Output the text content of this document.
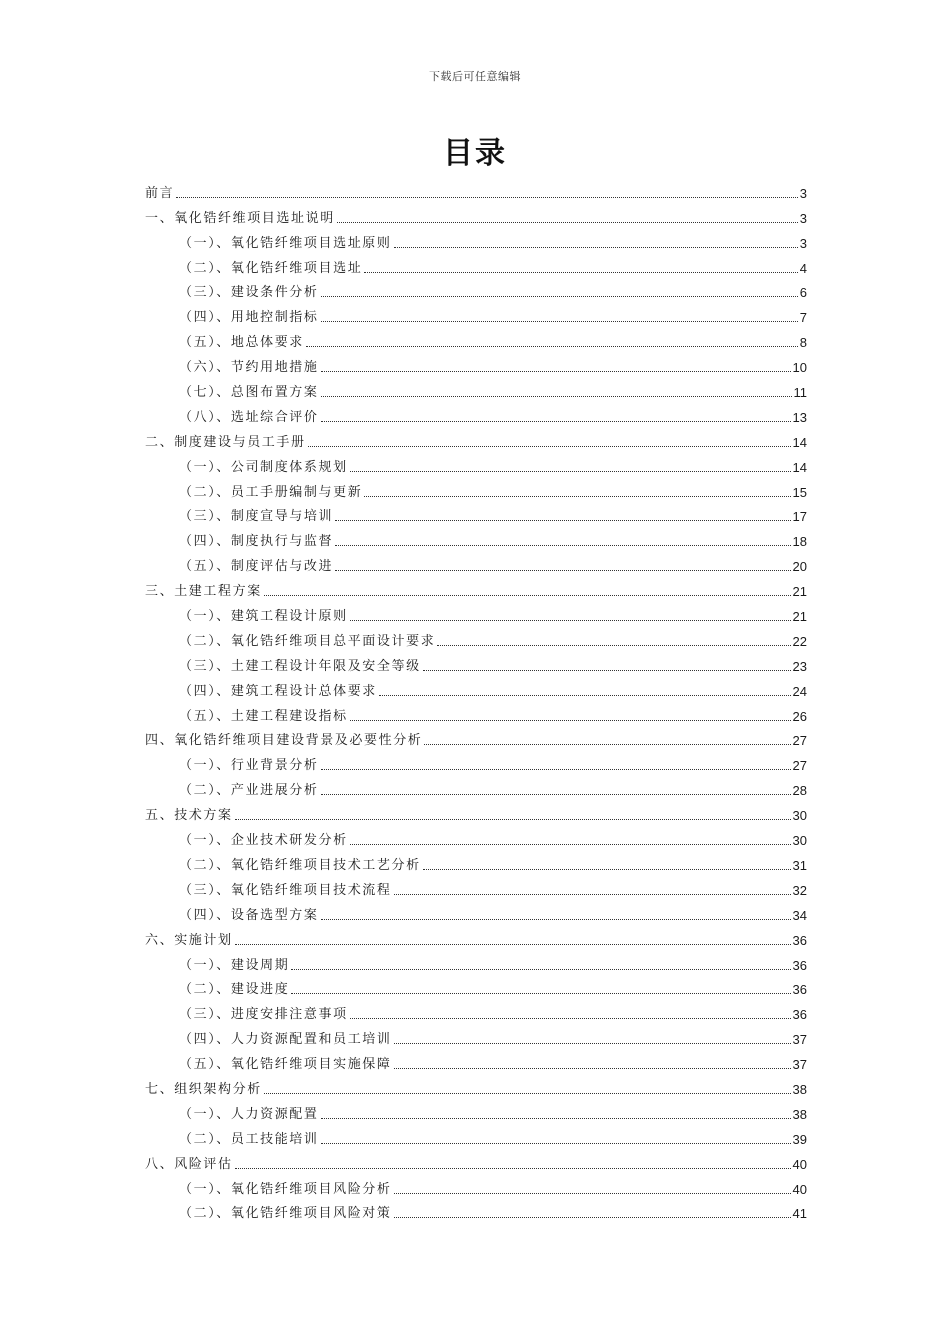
下载后可任意编辑
目录
前言	3
一、氧化锆纤维项目选址说明	3
（一）、氧化锆纤维项目选址原则	3
（二）、氧化锆纤维项目选址	4
（三）、建设条件分析	6
（四）、用地控制指标	7
（五）、地总体要求	8
（六）、节约用地措施	10
（七）、总图布置方案	11
（八）、选址综合评价	13
二、制度建设与员工手册	14
（一）、公司制度体系规划	14
（二）、员工手册编制与更新	15
（三）、制度宣导与培训	17
（四）、制度执行与监督	18
（五）、制度评估与改进	20
三、土建工程方案	21
（一）、建筑工程设计原则	21
（二）、氧化锆纤维项目总平面设计要求	22
（三）、土建工程设计年限及安全等级	23
（四）、建筑工程设计总体要求	24
（五）、土建工程建设指标	26
四、氧化锆纤维项目建设背景及必要性分析	27
（一）、行业背景分析	27
（二）、产业进展分析	28
五、技术方案	30
（一）、企业技术研发分析	30
（二）、氧化锆纤维项目技术工艺分析	31
（三）、氧化锆纤维项目技术流程	32
（四）、设备选型方案	34
六、实施计划	36
（一）、建设周期	36
（二）、建设进度	36
（三）、进度安排注意事项	36
（四）、人力资源配置和员工培训	37
（五）、氧化锆纤维项目实施保障	37
七、组织架构分析	38
（一）、人力资源配置	38
（二）、员工技能培训	39
八、风险评估	40
（一）、氧化锆纤维项目风险分析	40
（二）、氧化锆纤维项目风险对策	41
